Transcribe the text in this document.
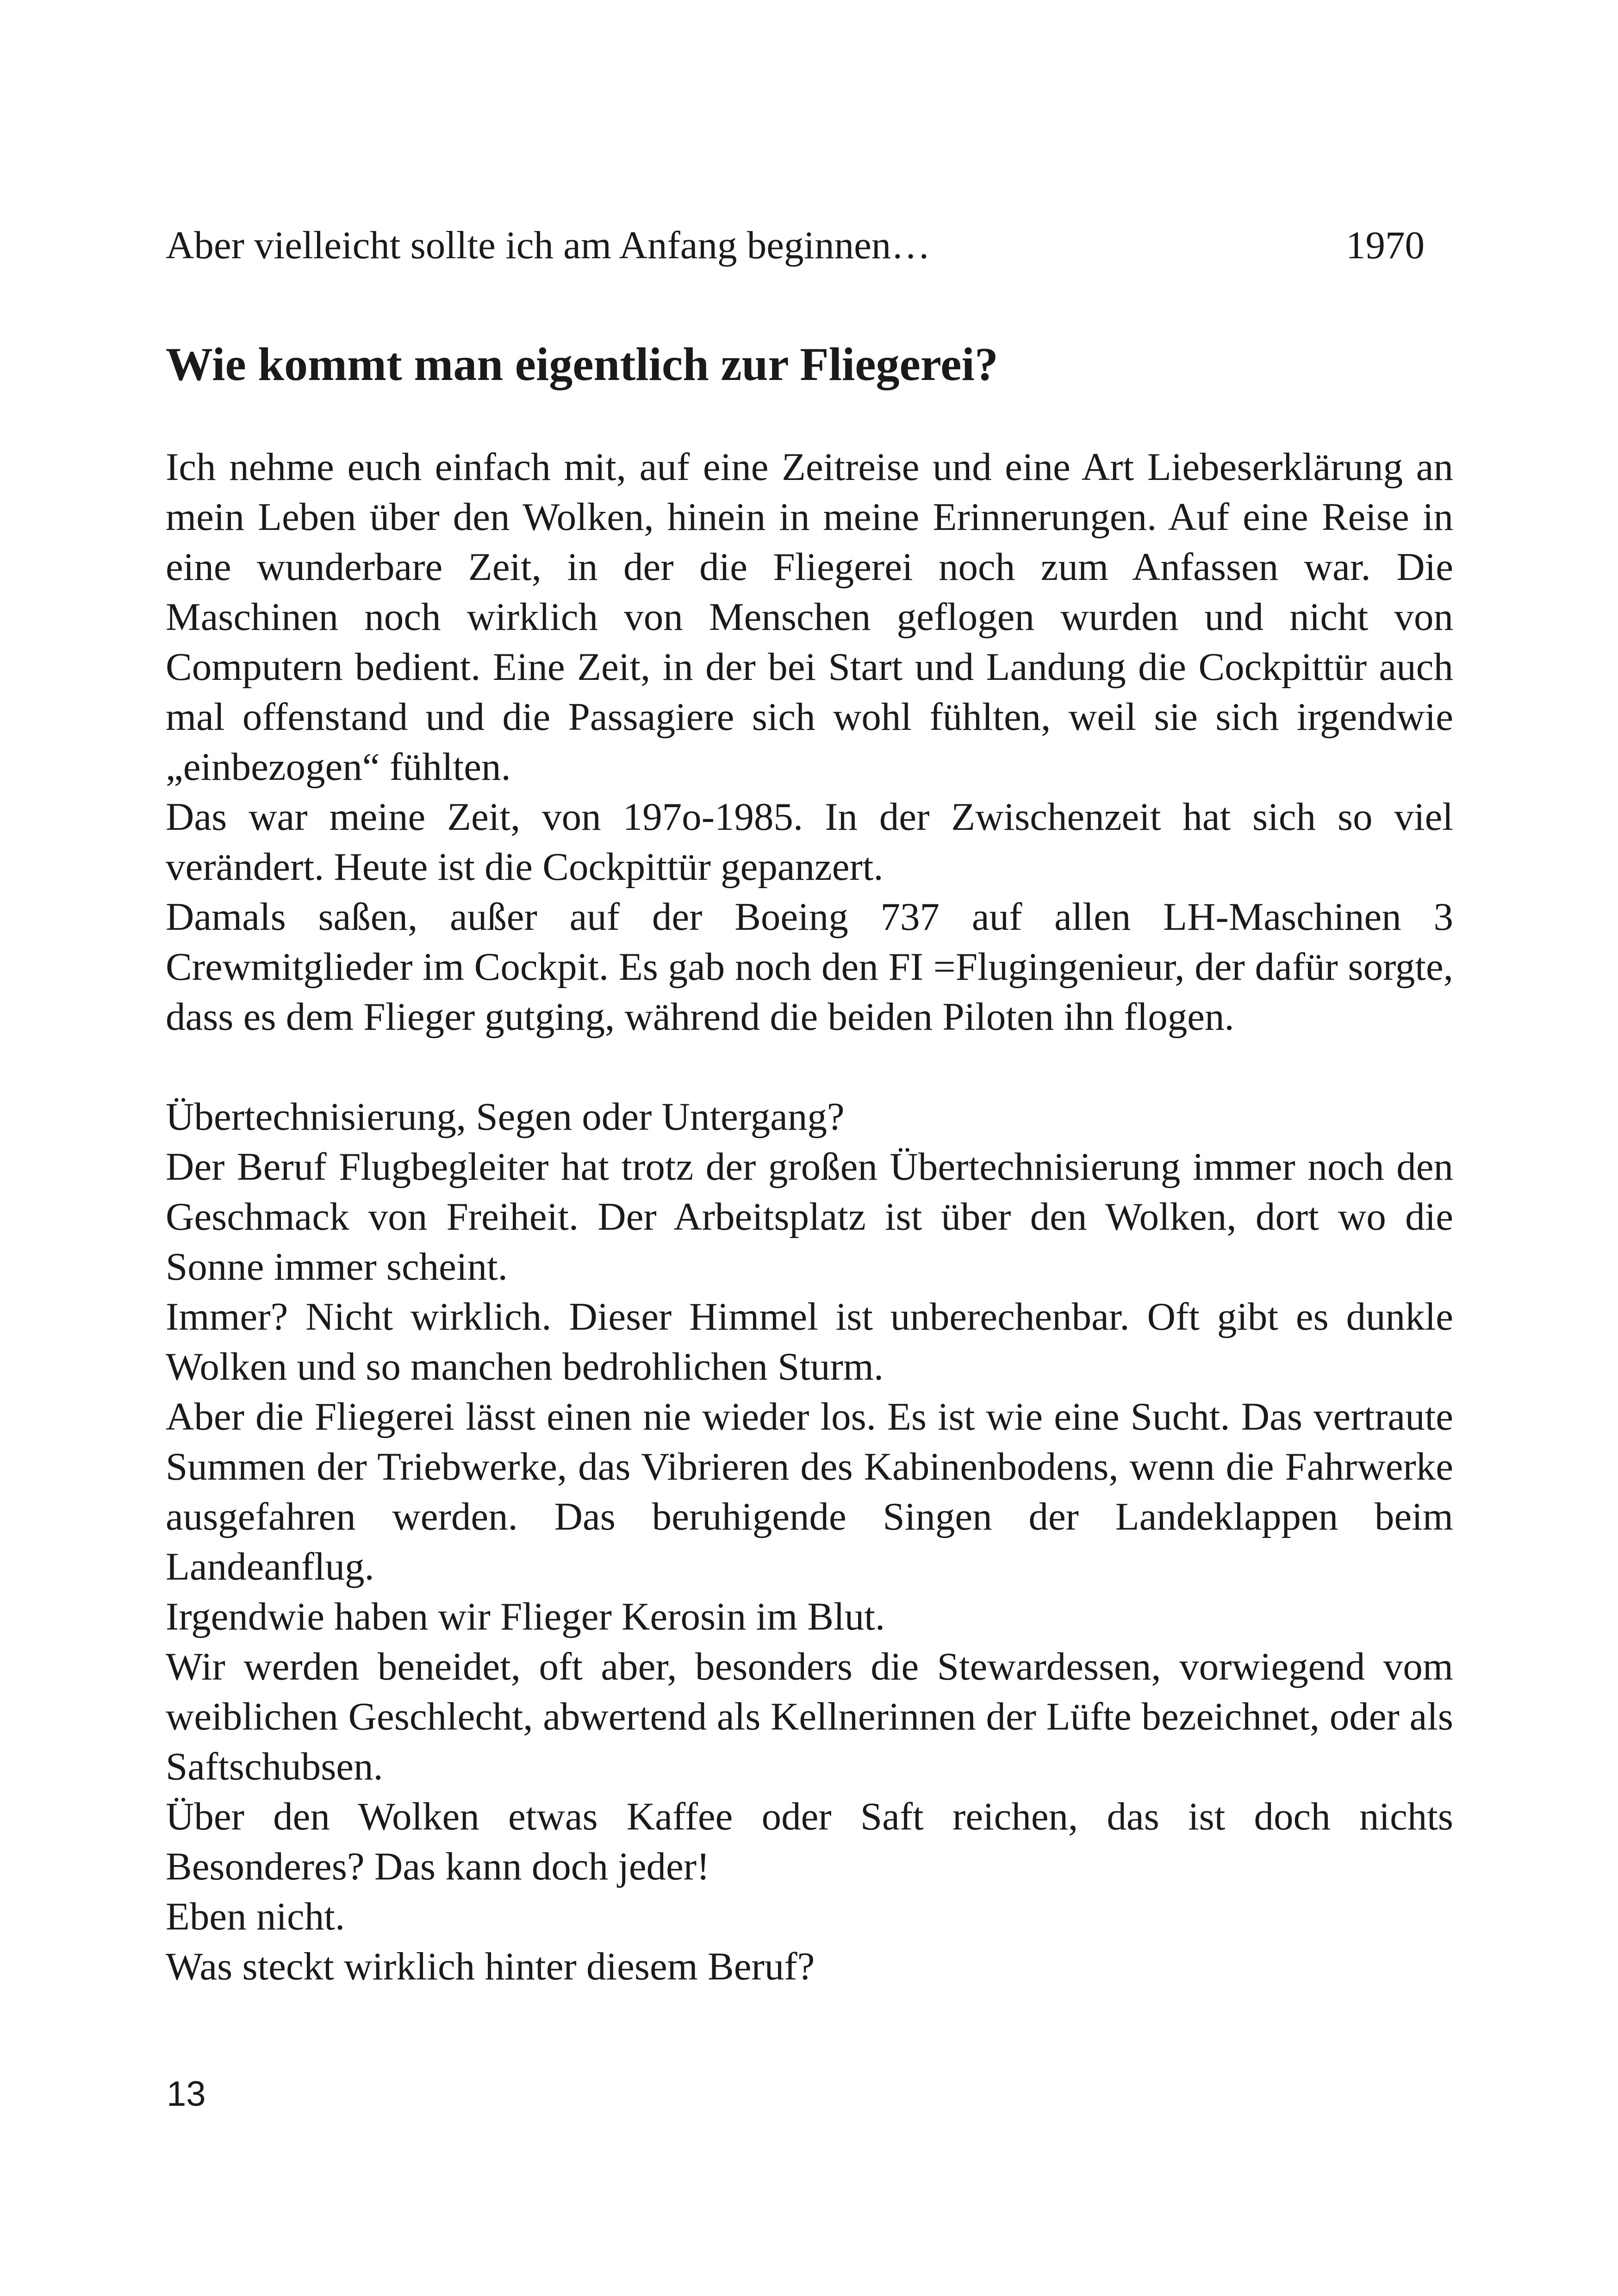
Aber vielleicht sollte ich am Anfang beginnen…	1970
Wie kommt man eigentlich zur Fliegerei?

Ich nehme euch einfach mit, auf eine Zeitreise und eine Art Liebeserklärung an mein Leben über den Wolken, hinein in meine Erinnerungen. Auf eine Reise in eine wunderbare Zeit, in der die Fliegerei noch zum Anfassen war. Die Maschinen noch wirklich von Menschen geflogen wurden und nicht von Computern bedient. Eine Zeit, in der bei Start und Landung die Cockpittür auch mal offenstand und die Passagiere sich wohl fühlten, weil sie sich irgendwie „einbezogen“ fühlten.

Das war meine Zeit, von 197o-1985. In der Zwischenzeit hat sich so viel verändert. Heute ist die Cockpittür gepanzert.

Damals saßen, außer auf der Boeing 737 auf allen LH-Maschinen 3 Crewmitglieder im Cockpit. Es gab noch den FI =Flugingenieur, der dafür sorgte, dass es dem Flieger gutging, während die beiden Piloten ihn flogen.

Übertechnisierung, Segen oder Untergang?

Der Beruf Flugbegleiter hat trotz der großen Übertechnisierung immer noch den Geschmack von Freiheit. Der Arbeitsplatz ist über den Wolken, dort wo die Sonne immer scheint.

Immer? Nicht wirklich. Dieser Himmel ist unberechenbar. Oft gibt es dunkle Wolken und so manchen bedrohlichen Sturm.

Aber die Fliegerei lässt einen nie wieder los. Es ist wie eine Sucht. Das vertraute Summen der Triebwerke, das Vibrieren des Kabinenbodens, wenn die Fahrwerke ausgefahren werden. Das beruhigende Singen der Landeklappen beim Landeanflug.

Irgendwie haben wir Flieger Kerosin im Blut.

Wir werden beneidet, oft aber, besonders die Stewardessen, vorwiegend vom weiblichen Geschlecht, abwertend als Kellnerinnen der Lüfte bezeichnet, oder als Saftschubsen.

Über den Wolken etwas Kaffee oder Saft reichen, das ist doch nichts Besonderes? Das kann doch jeder!

Eben nicht.

Was steckt wirklich hinter diesem Beruf?

13
